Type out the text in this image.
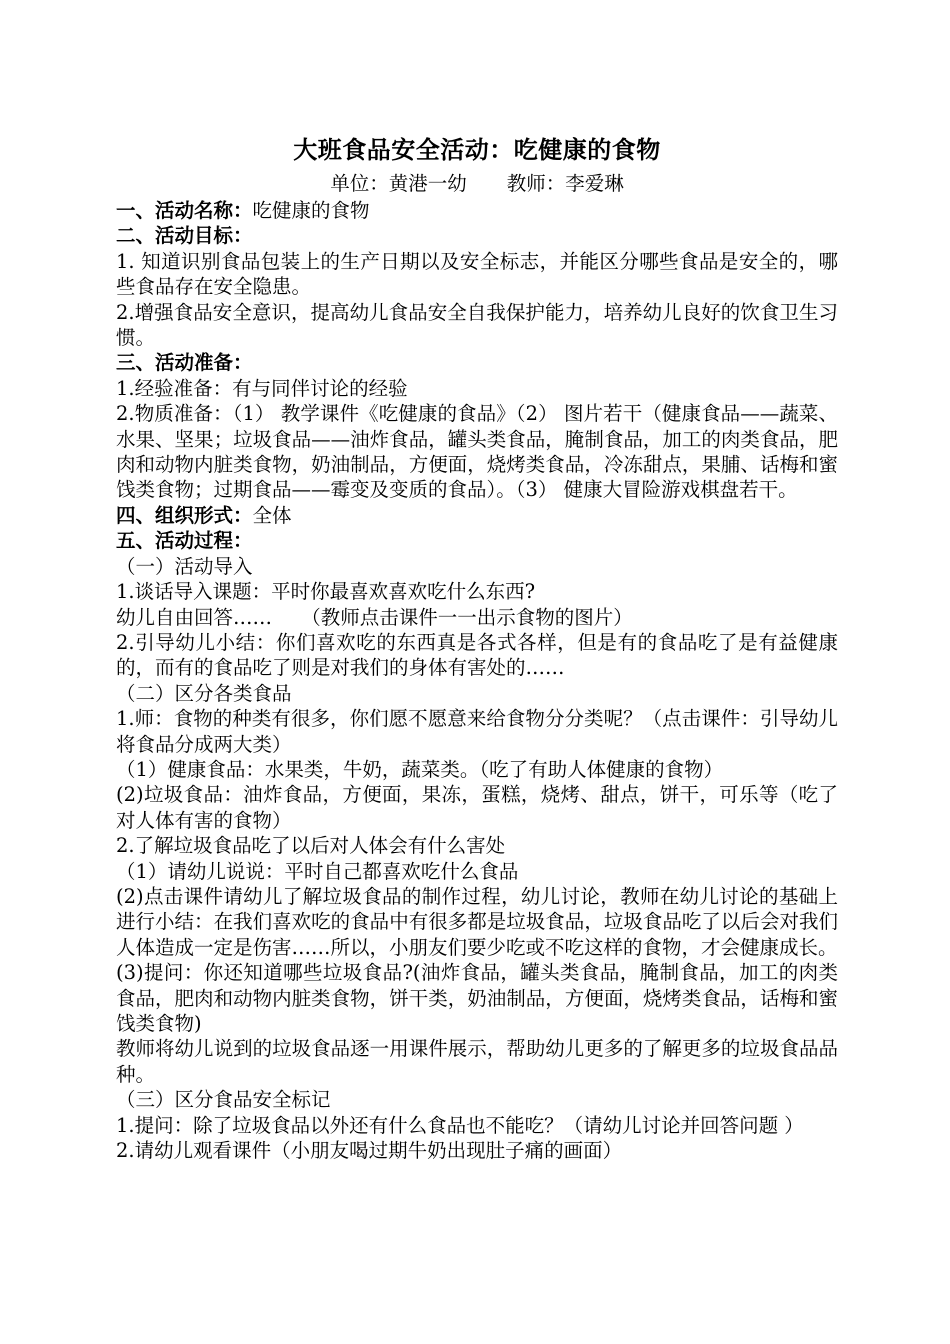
大班食品安全活动：吃健康的食物

单位：黄港一幼 教师：李爱琳

一、活动名称：吃健康的食物

二、活动目标：

1. 知道识别食品包装上的生产日期以及安全标志，并能区分哪些食品是安全的，哪些食品存在安全隐患。

2.增强食品安全意识，提高幼儿食品安全自我保护能力，培养幼儿良好的饮食卫生习惯。

三、活动准备：

1.经验准备：有与同伴讨论的经验

2.物质准备：（1） 教学课件《吃健康的食品》（2） 图片若干（健康食品——蔬菜、水果、坚果；垃圾食品——油炸食品，罐头类食品，腌制食品，加工的肉类食品，肥肉和动物内脏类食物，奶油制品，方便面，烧烤类食品，冷冻甜点，果脯、话梅和蜜饯类食物；过期食品——霉变及变质的食品）。（3） 健康大冒险游戏棋盘若干。

四、组织形式：全体

五、活动过程：

（一）活动导入

1.谈话导入课题：平时你最喜欢喜欢吃什么东西?

幼儿自由回答……　　（教师点击课件一一出示食物的图片）

2.引导幼儿小结：你们喜欢吃的东西真是各式各样，但是有的食品吃了是有益健康的，而有的食品吃了则是对我们的身体有害处的……

（二）区分各类食品

1.师：食物的种类有很多，你们愿不愿意来给食物分分类呢？（点击课件：引导幼儿将食品分成两大类）

（1）健康食品：水果类，牛奶，蔬菜类。（吃了有助人体健康的食物）

(2)垃圾食品：油炸食品，方便面，果冻，蛋糕，烧烤、甜点，饼干，可乐等（吃了对人体有害的食物）

2.了解垃圾食品吃了以后对人体会有什么害处

（1）请幼儿说说：平时自己都喜欢吃什么食品

(2)点击课件请幼儿了解垃圾食品的制作过程，幼儿讨论，教师在幼儿讨论的基础上进行小结：在我们喜欢吃的食品中有很多都是垃圾食品，垃圾食品吃了以后会对我们人体造成一定是伤害……所以，小朋友们要少吃或不吃这样的食物，才会健康成长。

(3)提问：你还知道哪些垃圾食品?(油炸食品，罐头类食品，腌制食品，加工的肉类食品，肥肉和动物内脏类食物，饼干类，奶油制品，方便面，烧烤类食品，话梅和蜜饯类食物)

教师将幼儿说到的垃圾食品逐一用课件展示，帮助幼儿更多的了解更多的垃圾食品品种。

（三）区分食品安全标记

1.提问：除了垃圾食品以外还有什么食品也不能吃？（请幼儿讨论并回答问题 ）

2.请幼儿观看课件（小朋友喝过期牛奶出现肚子痛的画面）
